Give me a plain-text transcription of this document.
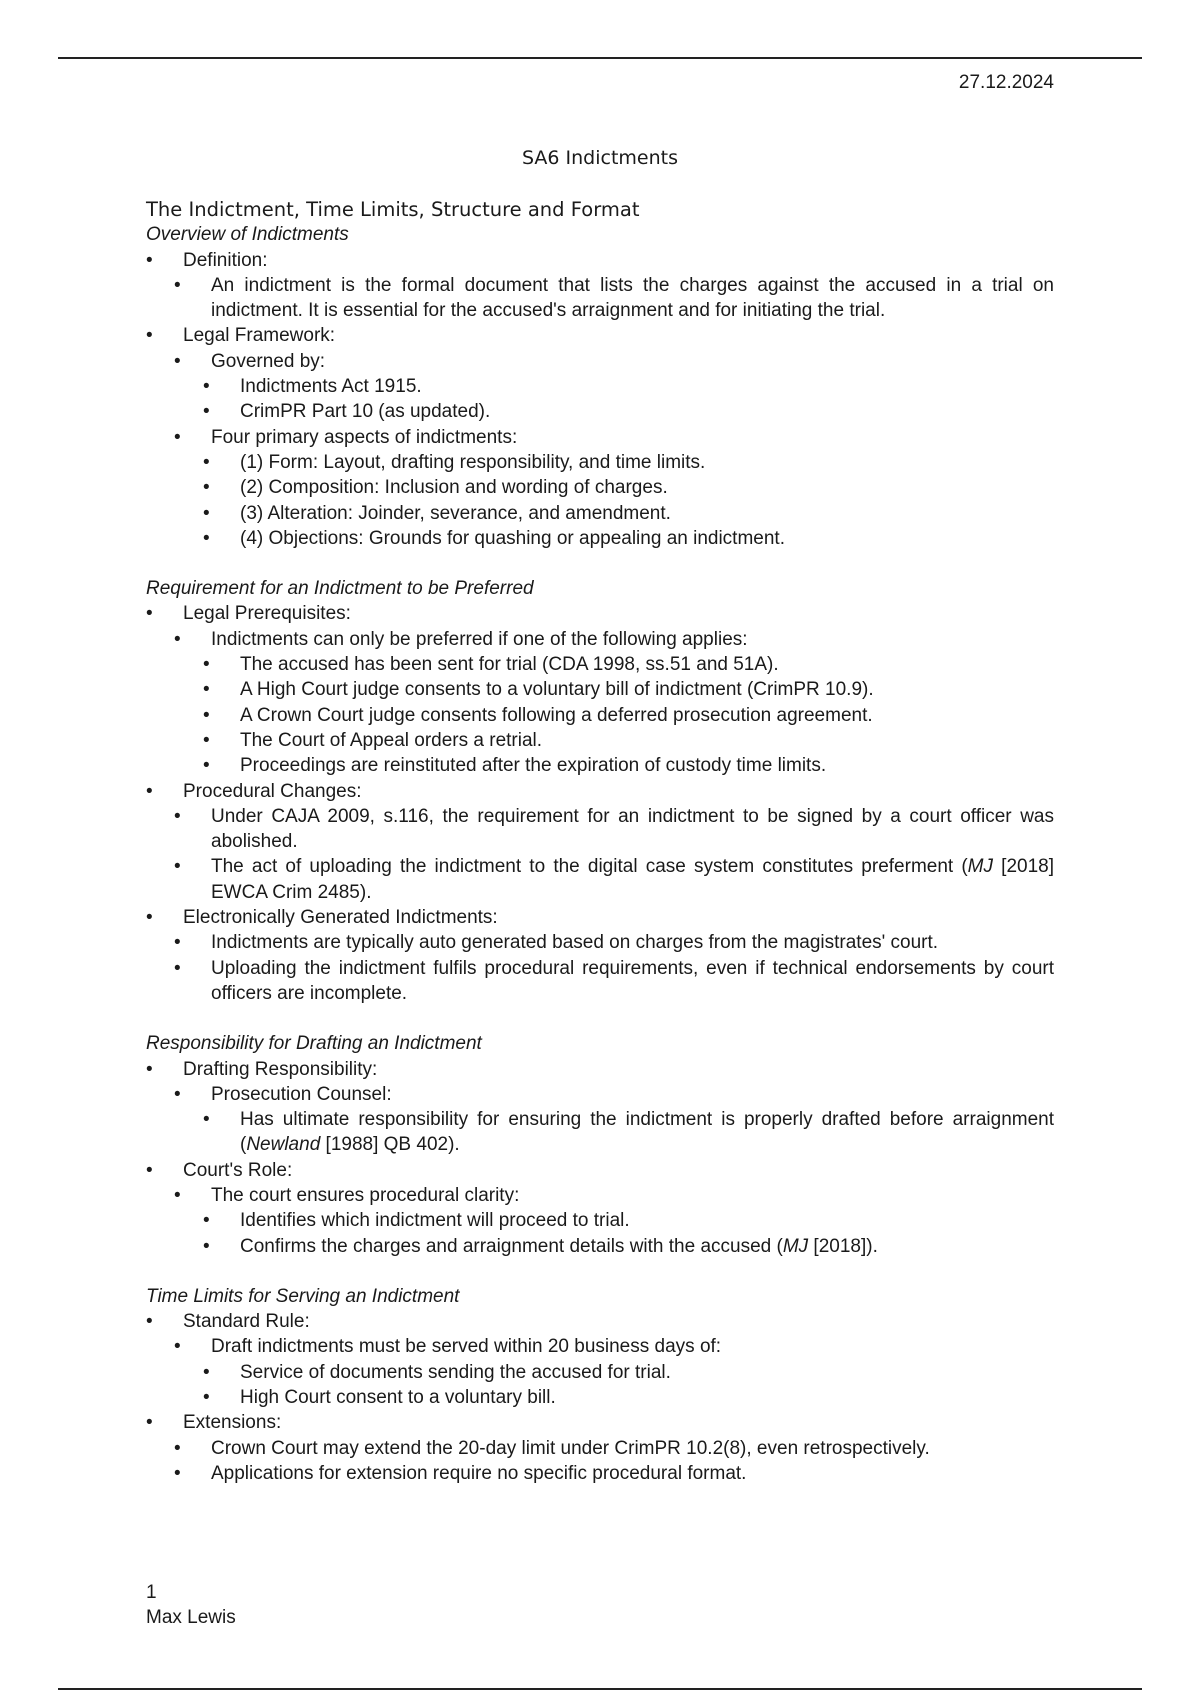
27.12.2024
SA6 Indictments
The Indictment, Time Limits, Structure and Format
Overview of Indictments
• Definition:
• An indictment is the formal document that lists the charges against the accused in a trial on indictment. It is essential for the accused's arraignment and for initiating the trial.
• Legal Framework:
• Governed by:
• Indictments Act 1915.
• CrimPR Part 10 (as updated).
• Four primary aspects of indictments:
• (1) Form: Layout, drafting responsibility, and time limits.
• (2) Composition: Inclusion and wording of charges.
• (3) Alteration: Joinder, severance, and amendment.
• (4) Objections: Grounds for quashing or appealing an indictment.
Requirement for an Indictment to be Preferred
• Legal Prerequisites:
• Indictments can only be preferred if one of the following applies:
• The accused has been sent for trial (CDA 1998, ss.51 and 51A).
• A High Court judge consents to a voluntary bill of indictment (CrimPR 10.9).
• A Crown Court judge consents following a deferred prosecution agreement.
• The Court of Appeal orders a retrial.
• Proceedings are reinstituted after the expiration of custody time limits.
• Procedural Changes:
• Under CAJA 2009, s.116, the requirement for an indictment to be signed by a court officer was abolished.
• The act of uploading the indictment to the digital case system constitutes preferment (MJ [2018] EWCA Crim 2485).
• Electronically Generated Indictments:
• Indictments are typically auto generated based on charges from the magistrates' court.
• Uploading the indictment fulfils procedural requirements, even if technical endorsements by court officers are incomplete.
Responsibility for Drafting an Indictment
• Drafting Responsibility:
• Prosecution Counsel:
• Has ultimate responsibility for ensuring the indictment is properly drafted before arraignment (Newland [1988] QB 402).
• Court's Role:
• The court ensures procedural clarity:
• Identifies which indictment will proceed to trial.
• Confirms the charges and arraignment details with the accused (MJ [2018]).
Time Limits for Serving an Indictment
• Standard Rule:
• Draft indictments must be served within 20 business days of:
• Service of documents sending the accused for trial.
• High Court consent to a voluntary bill.
• Extensions:
• Crown Court may extend the 20-day limit under CrimPR 10.2(8), even retrospectively.
• Applications for extension require no specific procedural format.
1
Max Lewis
